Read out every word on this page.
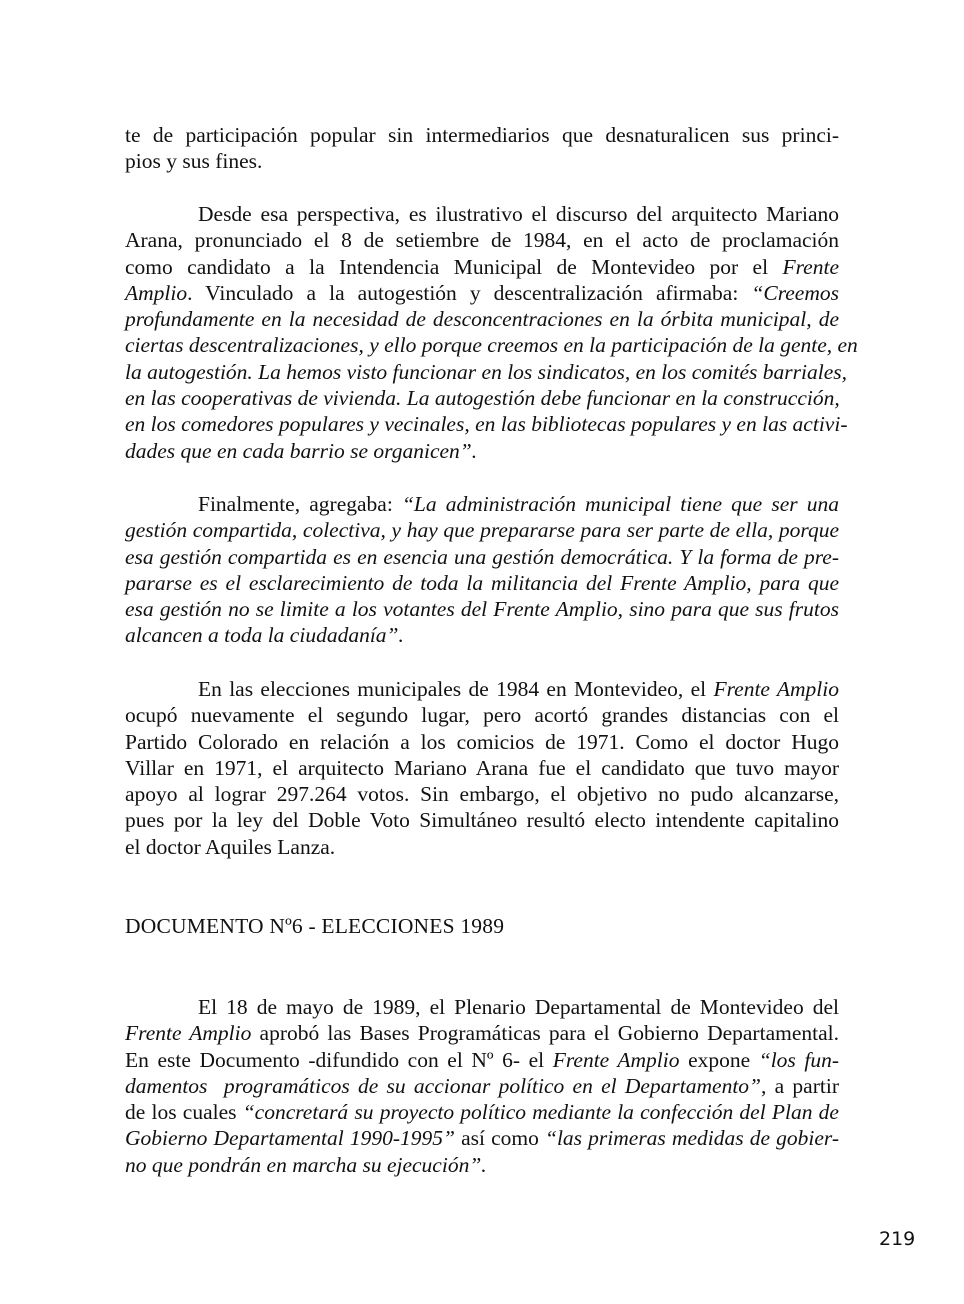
te de participación popular sin intermediarios que desnaturalicen sus princi-
pios y sus fines.
Desde esa perspectiva, es ilustrativo el discurso del arquitecto Mariano
Arana, pronunciado el 8 de setiembre de 1984, en el acto de proclamación
como candidato a la Intendencia Municipal de Montevideo por el Frente
Amplio. Vinculado a la autogestión y descentralización afirmaba: “Creemos
profundamente en la necesidad de desconcentraciones en la órbita municipal, de
ciertas descentralizaciones, y ello porque creemos en la participación de la gente, en
la autogestión. La hemos visto funcionar en los sindicatos, en los comités barriales,
en las cooperativas de vivienda. La autogestión debe funcionar en la construcción,
en los comedores populares y vecinales, en las bibliotecas populares y en las activi-
dades que en cada barrio se organicen”.
Finalmente, agregaba: “La administración municipal tiene que ser una
gestión compartida, colectiva, y hay que prepararse para ser parte de ella, porque
esa gestión compartida es en esencia una gestión democrática. Y la forma de pre-
pararse es el esclarecimiento de toda la militancia del Frente Amplio, para que
esa gestión no se limite a los votantes del Frente Amplio, sino para que sus frutos
alcancen a toda la ciudadanía”.
En las elecciones municipales de 1984 en Montevideo, el Frente Amplio
ocupó nuevamente el segundo lugar, pero acortó grandes distancias con el
Partido Colorado en relación a los comicios de 1971. Como el doctor Hugo
Villar en 1971, el arquitecto Mariano Arana fue el candidato que tuvo mayor
apoyo al lograr 297.264 votos. Sin embargo, el objetivo no pudo alcanzarse,
pues por la ley del Doble Voto Simultáneo resultó electo intendente capitalino
el doctor Aquiles Lanza.
DOCUMENTO Nº6 - ELECCIONES 1989
El 18 de mayo de 1989, el Plenario Departamental de Montevideo del
Frente Amplio aprobó las Bases Programáticas para el Gobierno Departamental.
En este Documento -difundido con el Nº 6- el Frente Amplio expone “los fun-
damentos  programáticos de su accionar político en el Departamento”, a partir
de los cuales “concretará su proyecto político mediante la confección del Plan de
Gobierno Departamental 1990-1995” así como “las primeras medidas de gobier-
no que pondrán en marcha su ejecución”.
219
